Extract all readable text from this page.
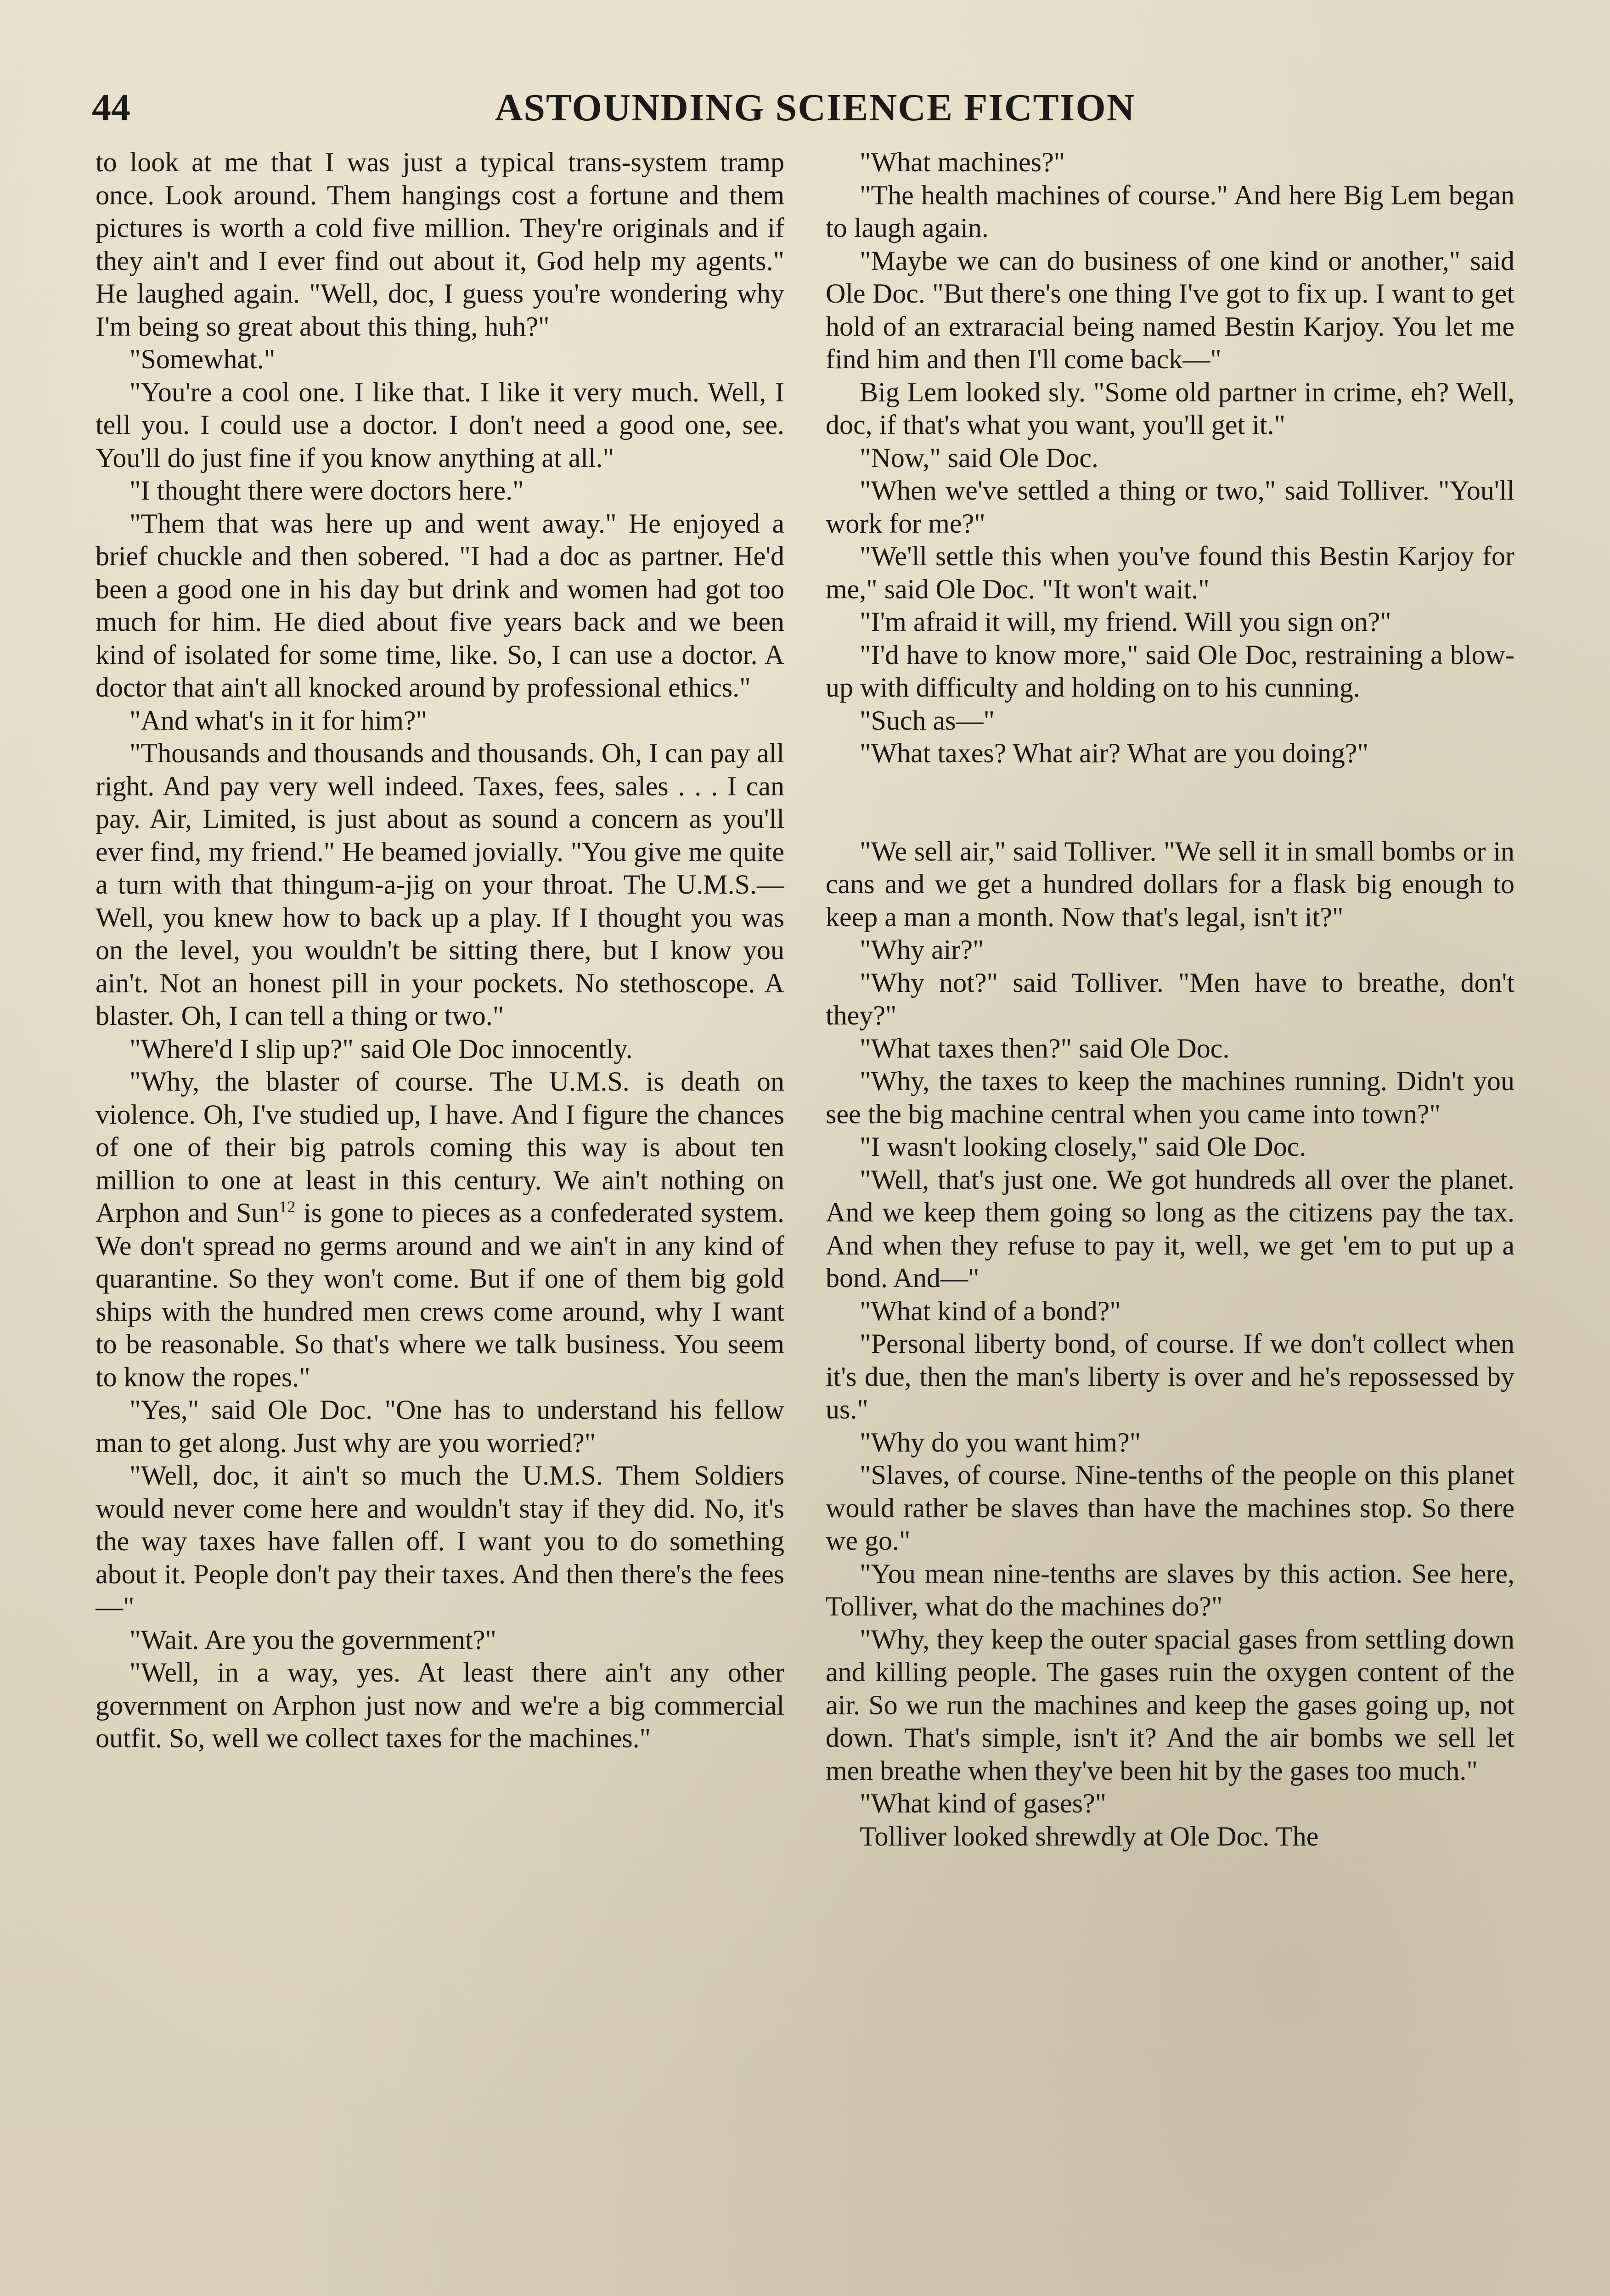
44	ASTOUNDING SCIENCE FICTION

to look at me that I was just a typical trans-system tramp once. Look around. Them hangings cost a fortune and them pictures is worth a cold five million. They're originals and if they ain't and I ever find out about it, God help my agents." He laughed again. "Well, doc, I guess you're wondering why I'm being so great about this thing, huh?"

"Somewhat."

"You're a cool one. I like that. I like it very much. Well, I tell you. I could use a doctor. I don't need a good one, see. You'll do just fine if you know anything at all."

"I thought there were doctors here."

"Them that was here up and went away." He enjoyed a brief chuckle and then sobered. "I had a doc as partner. He'd been a good one in his day but drink and women had got too much for him. He died about five years back and we been kind of isolated for some time, like. So, I can use a doctor. A doctor that ain't all knocked around by professional ethics."

"And what's in it for him?"

"Thousands and thousands and thousands. Oh, I can pay all right. And pay very well indeed. Taxes, fees, sales . . . I can pay. Air, Limited, is just about as sound a concern as you'll ever find, my friend." He beamed jovially. "You give me quite a turn with that thingum-a-jig on your throat. The U.M.S.— Well, you knew how to back up a play. If I thought you was on the level, you wouldn't be sitting there, but I know you ain't. Not an honest pill in your pockets. No stethoscope. A blaster. Oh, I can tell a thing or two."

"Where'd I slip up?" said Ole Doc innocently.

"Why, the blaster of course. The U.M.S. is death on violence. Oh, I've studied up, I have. And I figure the chances of one of their big patrols coming this way is about ten million to one at least in this century. We ain't nothing on Arphon and Sun$^{12}$ is gone to pieces as a confederated system. We don't spread no germs around and we ain't in any kind of quarantine. So they won't come. But if one of them big gold ships with the hundred men crews come around, why I want to be reasonable. So that's where we talk business. You seem to know the ropes."

"Yes," said Ole Doc. "One has to understand his fellow man to get along. Just why are you worried?"

"Well, doc, it ain't so much the U.M.S. Them Soldiers would never come here and wouldn't stay if they did. No, it's the way taxes have fallen off. I want you to do something about it. People don't pay their taxes. And then there's the fees—"

"Wait. Are you the government?"

"Well, in a way, yes. At least there ain't any other government on Arphon just now and we're a big commercial outfit. So, well we collect taxes for the machines."

"What machines?"

"The health machines of course." And here Big Lem began to laugh again.

"Maybe we can do business of one kind or another," said Ole Doc. "But there's one thing I've got to fix up. I want to get hold of an extraracial being named Bestin Karjoy. You let me find him and then I'll come back—"

Big Lem looked sly. "Some old partner in crime, eh? Well, doc, if that's what you want, you'll get it."

"Now," said Ole Doc.

"When we've settled a thing or two," said Tolliver. "You'll work for me?"

"We'll settle this when you've found this Bestin Karjoy for me," said Ole Doc. "It won't wait."

"I'm afraid it will, my friend. Will you sign on?"

"I'd have to know more," said Ole Doc, restraining a blow-up with difficulty and holding on to his cunning.

"Such as—"

"What taxes? What air? What are you doing?"

"We sell air," said Tolliver. "We sell it in small bombs or in cans and we get a hundred dollars for a flask big enough to keep a man a month. Now that's legal, isn't it?"

"Why air?"

"Why not?" said Tolliver. "Men have to breathe, don't they?"

"What taxes then?" said Ole Doc.

"Why, the taxes to keep the machines running. Didn't you see the big machine central when you came into town?"

"I wasn't looking closely," said Ole Doc.

"Well, that's just one. We got hundreds all over the planet. And we keep them going so long as the citizens pay the tax. And when they refuse to pay it, well, we get 'em to put up a bond. And—"

"What kind of a bond?"

"Personal liberty bond, of course. If we don't collect when it's due, then the man's liberty is over and he's repossessed by us."

"Why do you want him?"

"Slaves, of course. Nine-tenths of the people on this planet would rather be slaves than have the machines stop. So there we go."

"You mean nine-tenths are slaves by this action. See here, Tolliver, what do the machines do?"

"Why, they keep the outer spacial gases from settling down and killing people. The gases ruin the oxygen content of the air. So we run the machines and keep the gases going up, not down. That's simple, isn't it? And the air bombs we sell let men breathe when they've been hit by the gases too much."

"What kind of gases?"

Tolliver looked shrewdly at Ole Doc. The
